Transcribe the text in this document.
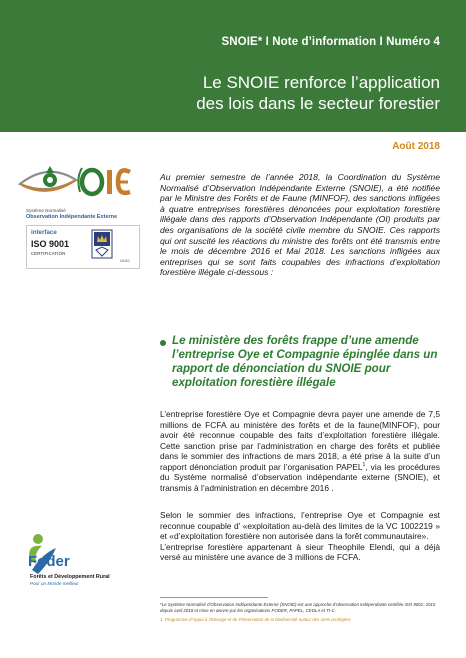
SNOIE* I Note d’information I Numéro 4
Le SNOIE renforce l’application
des lois dans le secteur forestier
Août 2018
Système Normalisé
Observation Indépendante Externe
interface
ISO 9001
CERTIFICATION
UKAS

Au premier semestre de l’année 2018, la Coordination du Système Normalisé d’Observation Indépendante Externe (SNOIE), a été notifiée par le Ministre des Forêts et de Faune (MINFOF), des sanctions infligées à quatre entreprises forestières dénoncées pour exploitation forestière illégale dans des rapports d’Observation Indépendante (OI) produits par des organisations de la société civile membre du SNOIE. Ces rapports qui ont suscité les réactions du ministre des forêts ont été transmis entre le mois de décembre 2016 et Mai 2018. Les sanctions infligées aux entreprises qui se sont faits coupables des infractions d’exploitation forestière illégale ci-dessous :

Le ministère des forêts frappe d’une amende l’entreprise Oye et Compagnie épinglée dans un rapport de dénonciation du SNOIE pour exploitation forestière illégale
L’entreprise forestière Oye et Compagnie devra payer une amende de 7,5 millions de FCFA au ministère des forêts et de la faune(MINFOF), pour avoir été reconnue coupable des faits d’exploitation forestière illégale. Cette sanction prise par l’administration en charge des forêts et publiée dans le sommier des infractions de mars 2018, a été prise à la suite d’un rapport dénonciation produit par l’organisation PAPEL$^1$, via les procédures du Système normalisé d’observation indépendante externe (SNOIE), et transmis à l’administration en décembre 2016 .
Selon le sommier des infractions, l’entreprise Oye et Compagnie est reconnue coupable d’ «exploitation au-delà des limites de la VC 1002219 » et «d’exploitation forestière non autorisée dans la forêt communautaire».
L’entreprise forestière appartenant à sieur Theophile Elendi, qui a déjà versé au ministère une avance de 3 millions de FCFA.
Foder
Forêts et Développement Rural
Pour un Monde meilleur
*Le Système Normalisé d’Observation Indépendante Externe (SNOIE) est une approche d’observation indépendante certifiée ISO 9001: 2015 depuis avril 2018 et mise en œuvre par les organisations FODER, PAPEL, CEDLA et TI-C.
1. Programme d’Appui à l’Elevage et de Préservation de la biodiversité autour des aires protégées
